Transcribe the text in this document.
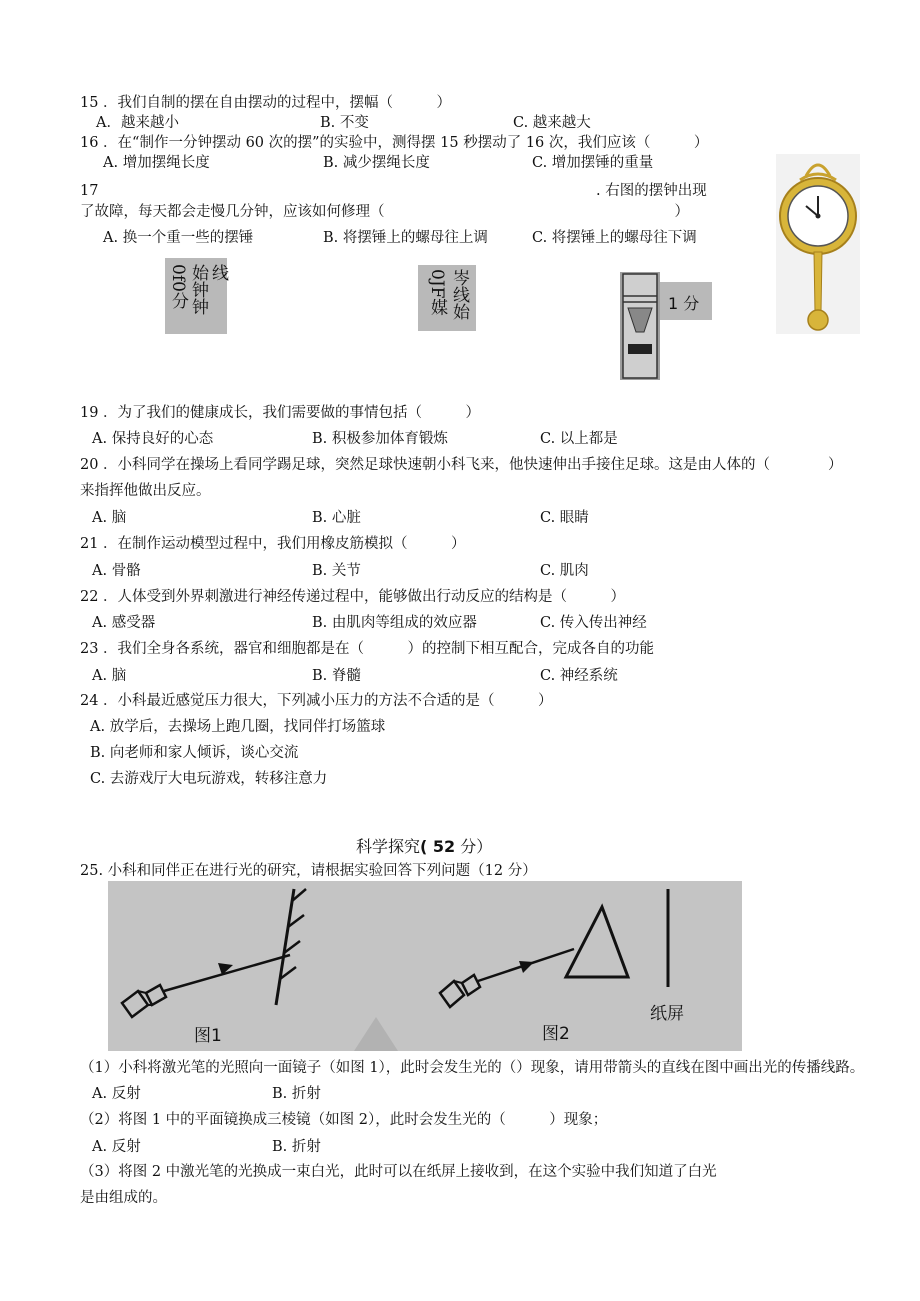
15 ．我们自制的摆在自由摆动的过程中，摆幅（　　　）
A．越来越小	B. 不变	C. 越来越大
16 ．在“制作一分钟摆动 60 次的摆”的实验中，测得摆 15 秒摆动了 16 次，我们应该（　　　）
A. 增加摆绳长度	B. 减少摆绳长度	C. 增加摆锤的重量
17	. 右图的摆钟出现
了故障，每天都会走慢几分钟，应该如何修理（　　　　　　　　　　　　　　　　　　　　）
A. 换一个重一些的摆锤	B. 将摆锤上的螺母往上调	C. 将摆锤上的螺母往下调
0f0分 始钟钟 线	0JF媒 岑线始	1 分
19 ．为了我们的健康成长，我们需要做的事情包括（　　　）
A. 保持良好的心态	B. 积极参加体育锻炼	C. 以上都是
20 ．小科同学在操场上看同学踢足球，突然足球快速朝小科飞来，他快速伸出手接住足球。这是由人体的（　　　　）
来指挥他做出反应。
A. 脑	B. 心脏	C. 眼睛
21 ．在制作运动模型过程中，我们用橡皮筋模拟（　　　）
A. 骨骼	B. 关节	C. 肌肉
22 ．人体受到外界刺激进行神经传递过程中，能够做出行动反应的结构是（　　　）
A. 感受器	B. 由肌肉等组成的效应器	C. 传入传出神经
23 ．我们全身各系统，器官和细胞都是在（　　　）的控制下相互配合，完成各自的功能
A. 脑	B. 脊髓	C. 神经系统
24 ．小科最近感觉压力很大，下列减小压力的方法不合适的是（　　　）
A. 放学后，去操场上跑几圈，找同伴打场篮球
B. 向老师和家人倾诉，谈心交流
C. 去游戏厅大电玩游戏，转移注意力
科学探究( 52 分）
25. 小科和同伴正在进行光的研究，请根据实验回答下列问题（12 分）
图1	图2
纸屏
（1）小科将激光笔的光照向一面镜子（如图 1），此时会发生光的（）现象，请用带箭头的直线在图中画出光的传播线路。
A. 反射	B. 折射
（2）将图 1 中的平面镜换成三棱镜（如图 2），此时会发生光的（　　　）现象；
A. 反射	B. 折射
（3）将图 2 中激光笔的光换成一束白光，此时可以在纸屏上接收到，在这个实验中我们知道了白光
是由组成的。
